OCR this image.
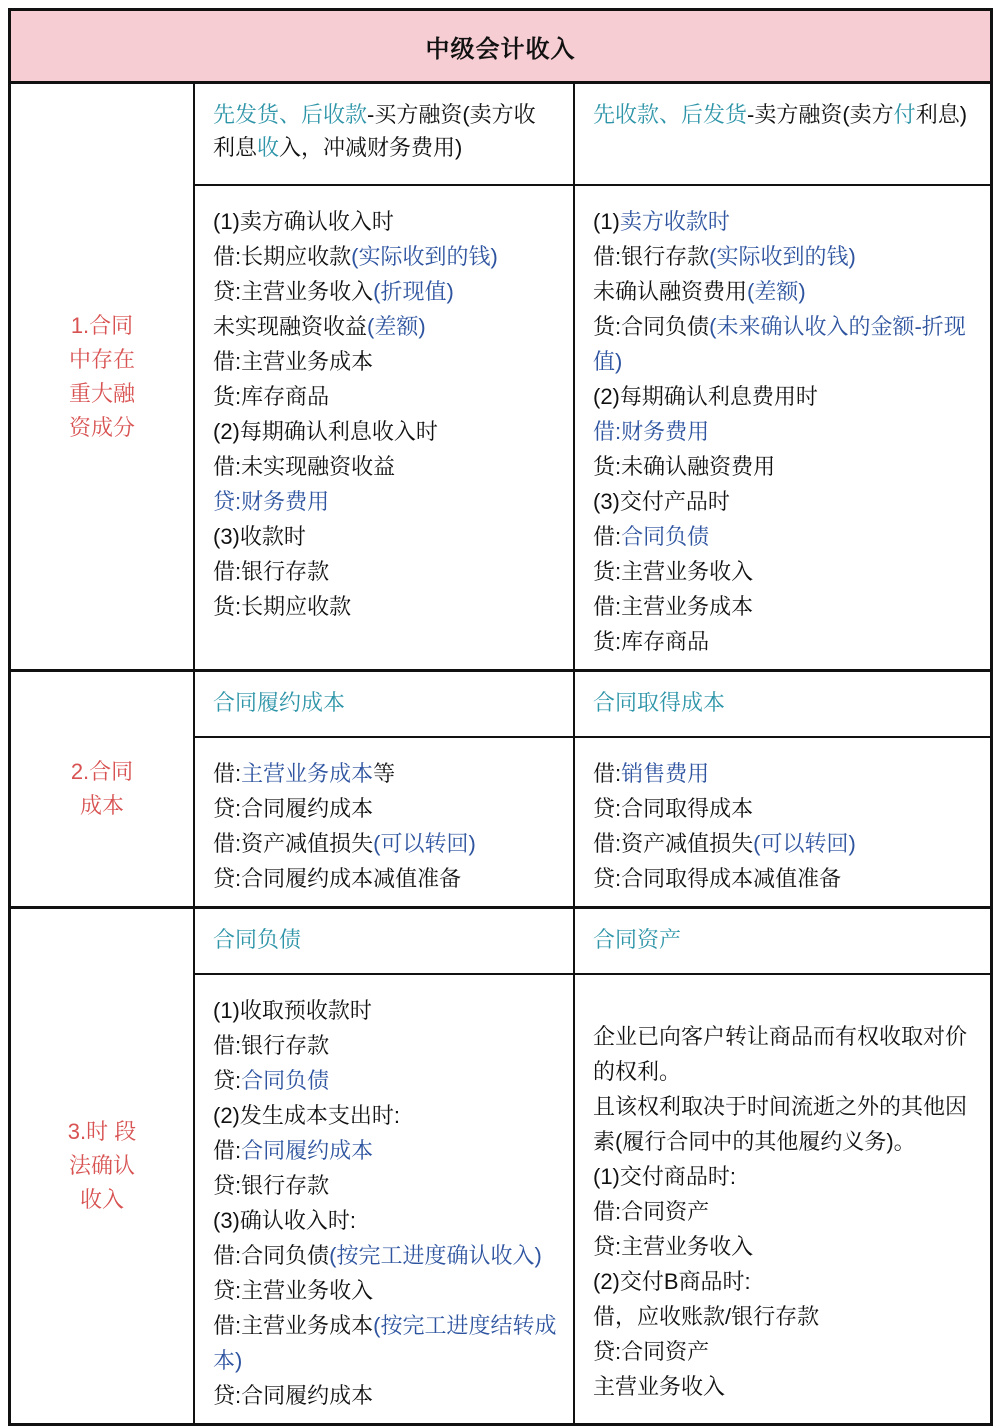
中级会计收入
1.合同
中存在
重大融
资成分
先发货、后收款-买方融资(卖方收利息收入，冲减财务费用)
先收款、后发货-卖方融资(卖方付利息)
(1)卖方确认收入时
借:长期应收款(实际收到的钱)
贷:主营业务收入(折现值)
未实现融资收益(差额)
借:主营业务成本
货:库存商品
(2)每期确认利息收入时
借:未实现融资收益
贷:财务费用
(3)收款时
借:银行存款
货:长期应收款
(1)卖方收款时
借:银行存款(实际收到的钱)
未确认融资费用(差额)
货:合同负债(未来确认收入的金额-折现值)
(2)每期确认利息费用时
借:财务费用
货:未确认融资费用
(3)交付产品时
借:合同负债
货:主营业务收入
借:主营业务成本
货:库存商品
2.合同
成本
合同履约成本	合同取得成本
借:主营业务成本等
贷:合同履约成本
借:资产减值损失(可以转回)
贷:合同履约成本减值准备
借:销售费用
贷:合同取得成本
借:资产减值损失(可以转回)
贷:合同取得成本减值准备
3.时 段
法确认
收入
合同负债	合同资产
(1)收取预收款时
借:银行存款
贷:合同负债
(2)发生成本支出时:
借:合同履约成本
贷:银行存款
(3)确认收入时:
借:合同负债(按完工进度确认收入)
贷:主营业务收入
借:主营业务成本(按完工进度结转成本)
贷:合同履约成本
企业已向客户转让商品而有权收取对价的权利。
且该权利取决于时间流逝之外的其他因素(履行合同中的其他履约义务)。
(1)交付商品时:
借:合同资产
贷:主营业务收入
(2)交付B商品时:
借，应收账款/银行存款
贷:合同资产
主营业务收入
